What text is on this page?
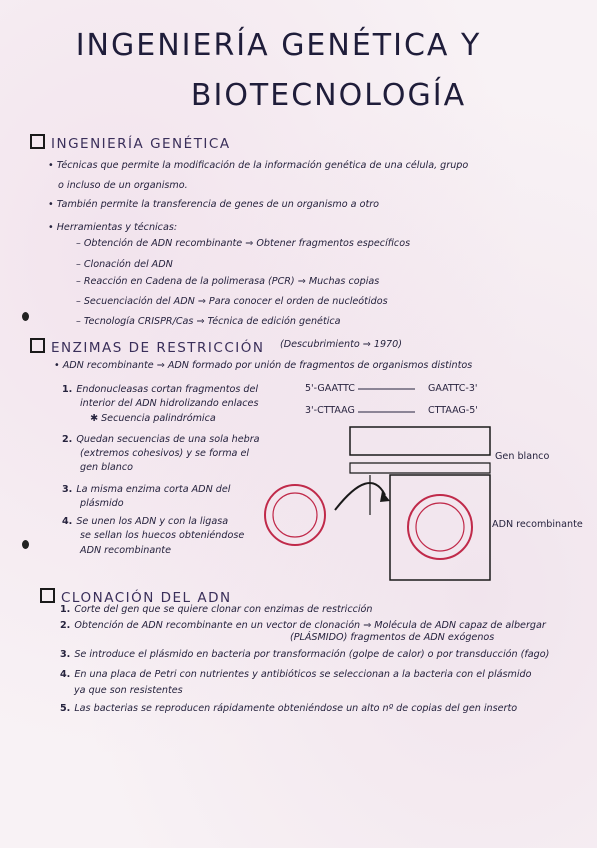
INGENIERÍA GENÉTICA Y
BIOTECNOLOGÍA
INGENIERÍA GENÉTICA
• Técnicas que permite la modificación de la información genética de una célula, grupo
o incluso de un organismo.
• También permite la transferencia de genes de un organismo a otro
• Herramientas y técnicas:
– Obtención de ADN recombinante ⇒ Obtener fragmentos específicos
– Clonación del ADN
– Reacción en Cadena de la polimerasa (PCR) ⇒ Muchas copias
– Secuenciación del ADN ⇒ Para conocer el orden de nucleótidos
– Tecnología CRISPR/Cas ⇒ Técnica de edición genética
ENZIMAS DE RESTRICCIÓN (Descubrimiento ⇒ 1970)
• ADN recombinante ⇒ ADN formado por unión de fragmentos de organismos distintos
1. Endonucleasas cortan fragmentos del
interior del ADN hidrolizando enlaces
✱ Secuencia palindrómica
2. Quedan secuencias de una sola hebra
(extremos cohesivos) y se forma el
gen blanco
3. La misma enzima corta ADN del
plásmido
4. Se unen los ADN y con la ligasa
se sellan los huecos obteniéndose
ADN recombinante
5'-GAATTC	GAATTC-3'
3'-CTTAAG	CTTAAG-5'
Gen blanco
ADN recombinante
CLONACIÓN DEL ADN
1. Corte del gen que se quiere clonar con enzimas de restricción
2. Obtención de ADN recombinante en un vector de clonación ⇒ Molécula de ADN capaz de albergar
(PLÁSMIDO) fragmentos de ADN exógenos
3. Se introduce el plásmido en bacteria por transformación (golpe de calor) o por transducción (fago)
4. En una placa de Petri con nutrientes y antibióticos se seleccionan a la bacteria con el plásmido
ya que son resistentes
5. Las bacterias se reproducen rápidamente obteniéndose un alto nº de copias del gen inserto
